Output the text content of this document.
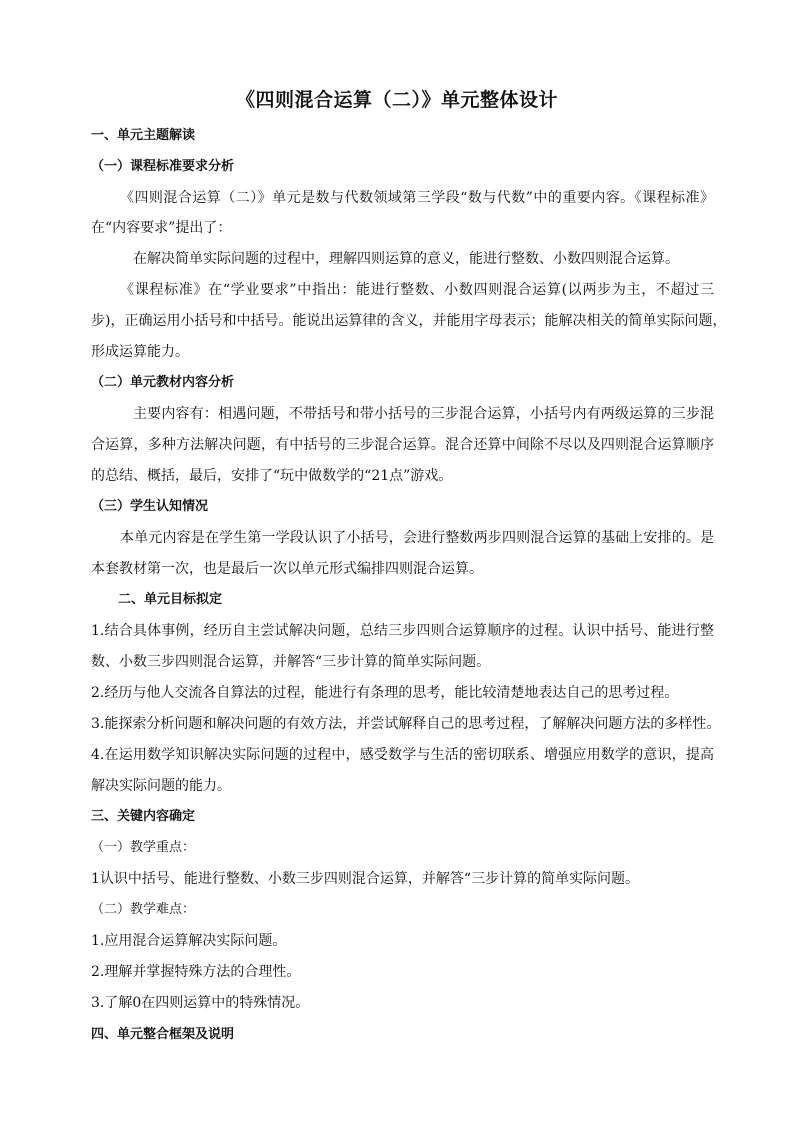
《四则混合运算（二）》单元整体设计

一、单元主题解读

（一）课程标准要求分析

《四则混合运算（二）》单元是数与代数领域第三学段“数与代数”中的重要内容。《课程标准》

在“内容要求”提出了：

在解决简单实际问题的过程中，理解四则运算的意义，能进行整数、小数四则混合运算。

《课程标准》在“学业要求”中指出：能进行整数、小数四则混合运算(以两步为主，不超过三

步)，正确运用小括号和中括号。能说出运算律的含义，并能用字母表示；能解决相关的简单实际问题，

形成运算能力。

（二）单元教材内容分析

主要内容有：相遇问题，不带括号和带小括号的三步混合运算，小括号内有两级运算的三步混

合运算，多种方法解决问题，有中括号的三步混合运算。混合还算中间除不尽以及四则混合运算顺序

的总结、概括，最后，安排了“玩中做数学的“21点”游戏。

（三）学生认知情况

本单元内容是在学生第一学段认识了小括号，会进行整数两步四则混合运算的基础上安排的。是

本套教材第一次，也是最后一次以单元形式编排四则混合运算。

二、单元目标拟定

1.结合具体事例，经历自主尝试解决问题，总结三步四则合运算顺序的过程。认识中括号、能进行整

数、小数三步四则混合运算，并解答“三步计算的简单实际问题。

2.经历与他人交流各自算法的过程，能进行有条理的思考，能比较清楚地表达自己的思考过程。

3.能探索分析问题和解决问题的有效方法，并尝试解释自己的思考过程，了解解决问题方法的多样性。

4.在运用数学知识解决实际问题的过程中，感受数学与生活的密切联系、增强应用数学的意识，提高

解决实际问题的能力。

三、关键内容确定

（一）教学重点：

1认识中括号、能进行整数、小数三步四则混合运算，并解答“三步计算的简单实际问题。

（二）教学难点：

1.应用混合运算解决实际问题。

2.理解并掌握特殊方法的合理性。

3.了解0在四则运算中的特殊情况。

四、单元整合框架及说明
